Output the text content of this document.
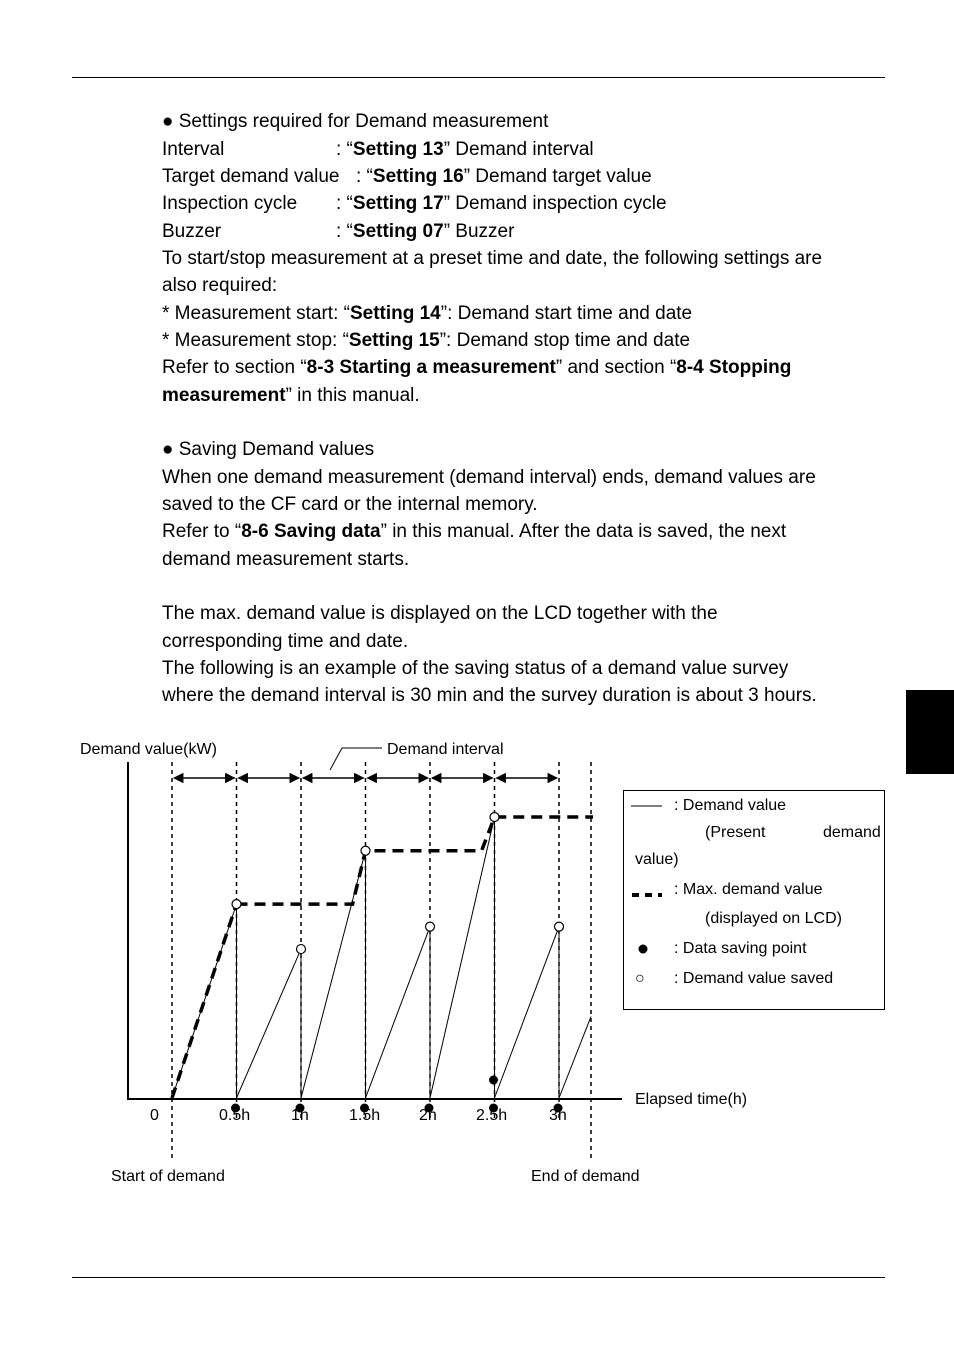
● Settings required for Demand measurement
Interval	: “Setting 13” Demand interval
Target demand value : “Setting 16” Demand target value
Inspection cycle : “Setting 17” Demand inspection cycle
Buzzer	: “Setting 07” Buzzer
To start/stop measurement at a preset time and date, the following settings are
also required:
* Measurement start: “Setting 14”: Demand start time and date
* Measurement stop: “Setting 15”: Demand stop time and date
Refer to section “8-3 Starting a measurement” and section “8-4 Stopping
measurement” in this manual.
● Saving Demand values
When one demand measurement (demand interval) ends, demand values are
saved to the CF card or the internal memory.
Refer to “8-6 Saving data” in this manual. After the data is saved, the next
demand measurement starts.
The max. demand value is displayed on the LCD together with the
corresponding time and date.
The following is an example of the saving status of a demand value survey
where the demand interval is 30 min and the survey duration is about 3 hours.
Demand value(kW)	Demand interval
Elapsed time(h)
Start of demand	End of demand
0	0.5h	1h	1.5h 2h 2.5h	3h
: Demand value
(Present	demand
value)
: Max. demand value
(displayed on LCD)
: Data saving point
○ : Demand value saved
